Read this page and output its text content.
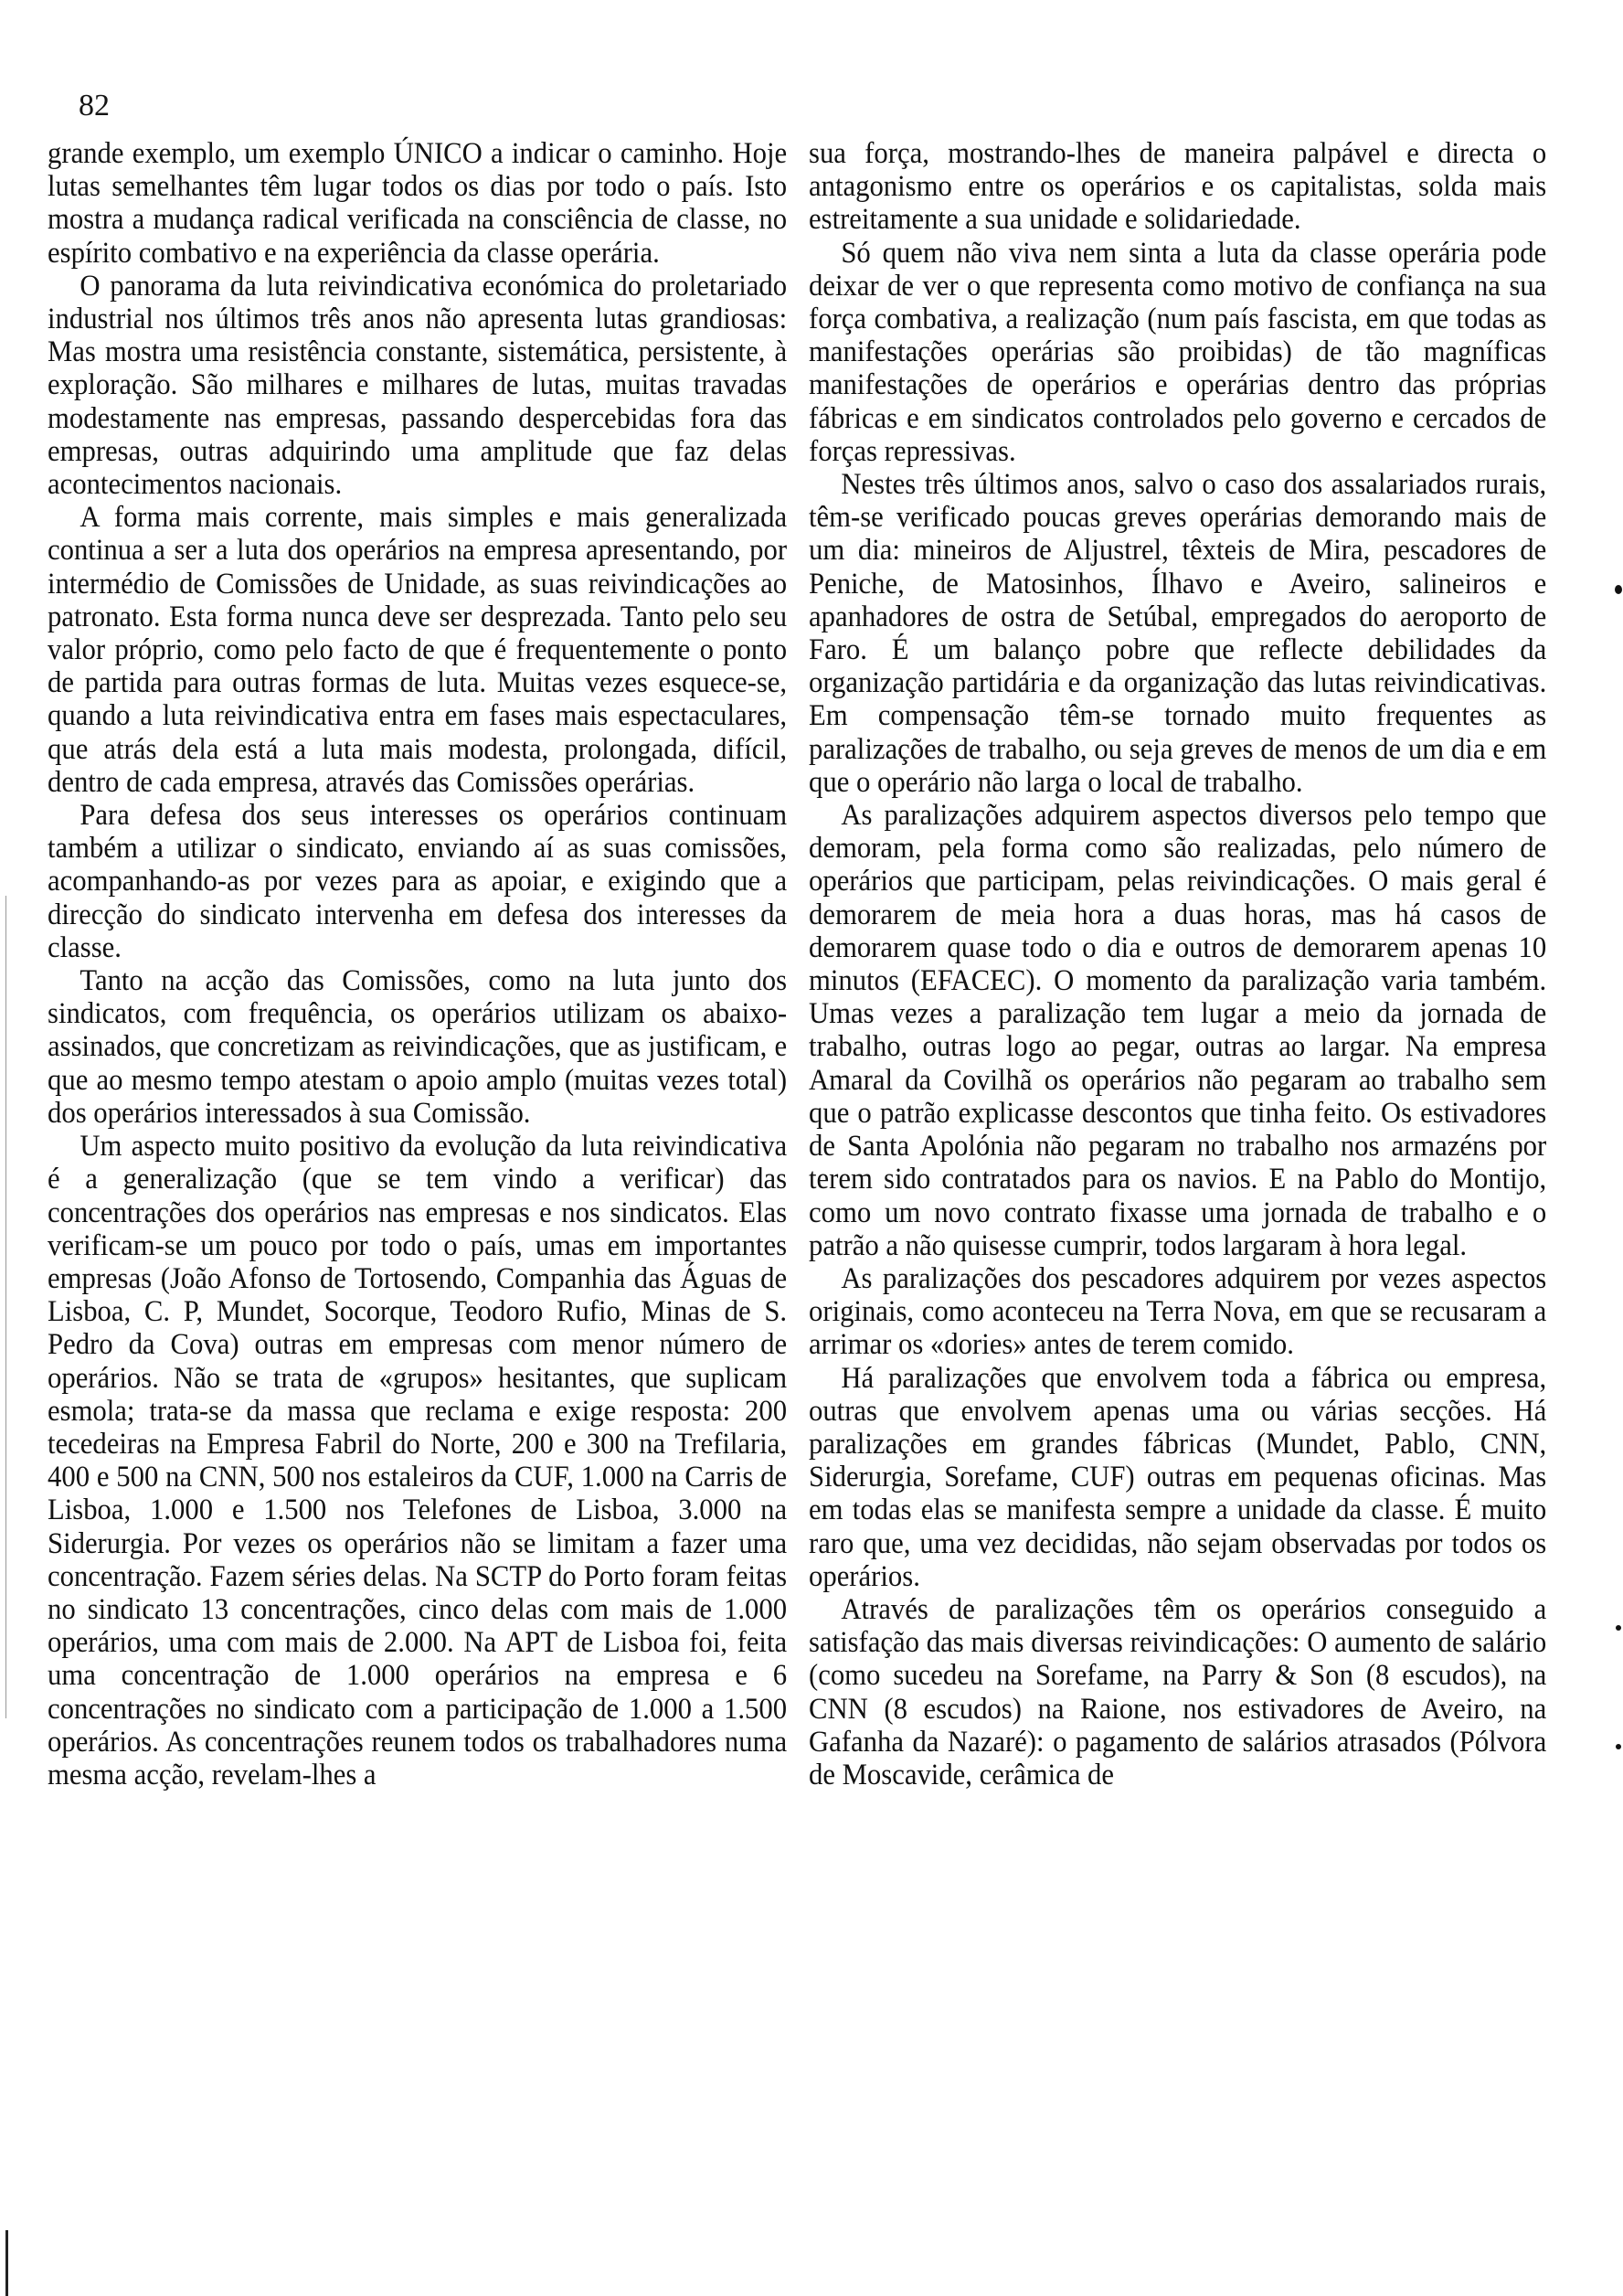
82

grande exemplo, um exemplo ÚNICO a indicar o caminho. Hoje lutas semelhantes têm lugar todos os dias por todo o país. Isto mostra a mudança radical verificada na consciência de classe, no espírito combativo e na experiência da classe operária.

O panorama da luta reivindicativa económica do proletariado industrial nos últimos três anos não apresenta lutas grandiosas: Mas mostra uma resistência constante, sistemática, persistente, à exploração. São milhares e milhares de lutas, muitas travadas modestamente nas empresas, passando despercebidas fora das empresas, outras adquirindo uma amplitude que faz delas acontecimentos nacionais.

A forma mais corrente, mais simples e mais generalizada continua a ser a luta dos operários na empresa apresentando, por intermédio de Comissões de Unidade, as suas reivindicações ao patronato. Esta forma nunca deve ser desprezada. Tanto pelo seu valor próprio, como pelo facto de que é frequentemente o ponto de partida para outras formas de luta. Muitas vezes esquece-se, quando a luta reivindicativa entra em fases mais espectaculares, que atrás dela está a luta mais modesta, prolongada, difícil, dentro de cada empresa, através das Comissões operárias.

Para defesa dos seus interesses os operários continuam também a utilizar o sindicato, enviando aí as suas comissões, acompanhando-as por vezes para as apoiar, e exigindo que a direcção do sindicato intervenha em defesa dos interesses da classe.

Tanto na acção das Comissões, como na luta junto dos sindicatos, com frequência, os operários utilizam os abaixo-assinados, que concretizam as reivindicações, que as justificam, e que ao mesmo tempo atestam o apoio amplo (muitas vezes total) dos operários interessados à sua Comissão.

Um aspecto muito positivo da evolução da luta reivindicativa é a generalização (que se tem vindo a verificar) das concentrações dos operários nas empresas e nos sindicatos. Elas verificam-se um pouco por todo o país, umas em importantes empresas (João Afonso de Tortosendo, Companhia das Águas de Lisboa, C. P, Mundet, Socorque, Teodoro Rufio, Minas de S. Pedro da Cova) outras em empresas com menor número de operários. Não se trata de «grupos» hesitantes, que suplicam esmola; trata-se da massa que reclama e exige resposta: 200 tecedeiras na Empresa Fabril do Norte, 200 e 300 na Trefilaria, 400 e 500 na CNN, 500 nos estaleiros da CUF, 1.000 na Carris de Lisboa, 1.000 e 1.500 nos Telefones de Lisboa, 3.000 na Siderurgia. Por vezes os operários não se limitam a fazer uma concentração. Fazem séries delas. Na SCTP do Porto foram feitas no sindicato 13 concentrações, cinco delas com mais de 1.000 operários, uma com mais de 2.000. Na APT de Lisboa foi, feita uma concentração de 1.000 operários na empresa e 6 concentrações no sindicato com a participação de 1.000 a 1.500 operários. As concentrações reunem todos os trabalhadores numa mesma acção, revelam-lhes a

sua força, mostrando-lhes de maneira palpável e directa o antagonismo entre os operários e os capitalistas, solda mais estreitamente a sua unidade e solidariedade.

Só quem não viva nem sinta a luta da classe operária pode deixar de ver o que representa como motivo de confiança na sua força combativa, a realização (num país fascista, em que todas as manifestações operárias são proibidas) de tão magníficas manifestações de operários e operárias dentro das próprias fábricas e em sindicatos controlados pelo governo e cercados de forças repressivas.

Nestes três últimos anos, salvo o caso dos assalariados rurais, têm-se verificado poucas greves operárias demorando mais de um dia: mineiros de Aljustrel, têxteis de Mira, pescadores de Peniche, de Matosinhos, Ílhavo e Aveiro, salineiros e apanhadores de ostra de Setúbal, empregados do aeroporto de Faro. É um balanço pobre que reflecte debilidades da organização partidária e da organização das lutas reivindicativas. Em compensação têm-se tornado muito frequentes as paralizações de trabalho, ou seja greves de menos de um dia e em que o operário não larga o local de trabalho.

As paralizações adquirem aspectos diversos pelo tempo que demoram, pela forma como são realizadas, pelo número de operários que participam, pelas reivindicações. O mais geral é demorarem de meia hora a duas horas, mas há casos de demorarem quase todo o dia e outros de demorarem apenas 10 minutos (EFACEC). O momento da paralização varia também. Umas vezes a paralização tem lugar a meio da jornada de trabalho, outras logo ao pegar, outras ao largar. Na empresa Amaral da Covilhã os operários não pegaram ao trabalho sem que o patrão explicasse descontos que tinha feito. Os estivadores de Santa Apolónia não pegaram no trabalho nos armazéns por terem sido contratados para os navios. E na Pablo do Montijo, como um novo contrato fixasse uma jornada de trabalho e o patrão a não quisesse cumprir, todos largaram à hora legal.

As paralizações dos pescadores adquirem por vezes aspectos originais, como aconteceu na Terra Nova, em que se recusaram a arrimar os «dories» antes de terem comido.

Há paralizações que envolvem toda a fábrica ou empresa, outras que envolvem apenas uma ou várias secções. Há paralizações em grandes fábricas (Mundet, Pablo, CNN, Siderurgia, Sorefame, CUF) outras em pequenas oficinas. Mas em todas elas se manifesta sempre a unidade da classe. É muito raro que, uma vez decididas, não sejam observadas por todos os operários.

Através de paralizações têm os operários conseguido a satisfação das mais diversas reivindicações: O aumento de salário (como sucedeu na Sorefame, na Parry & Son (8 escudos), na CNN (8 escudos) na Raione, nos estivadores de Aveiro, na Gafanha da Nazaré): o pagamento de salários atrasados (Pólvora de Moscavide, cerâmica de
